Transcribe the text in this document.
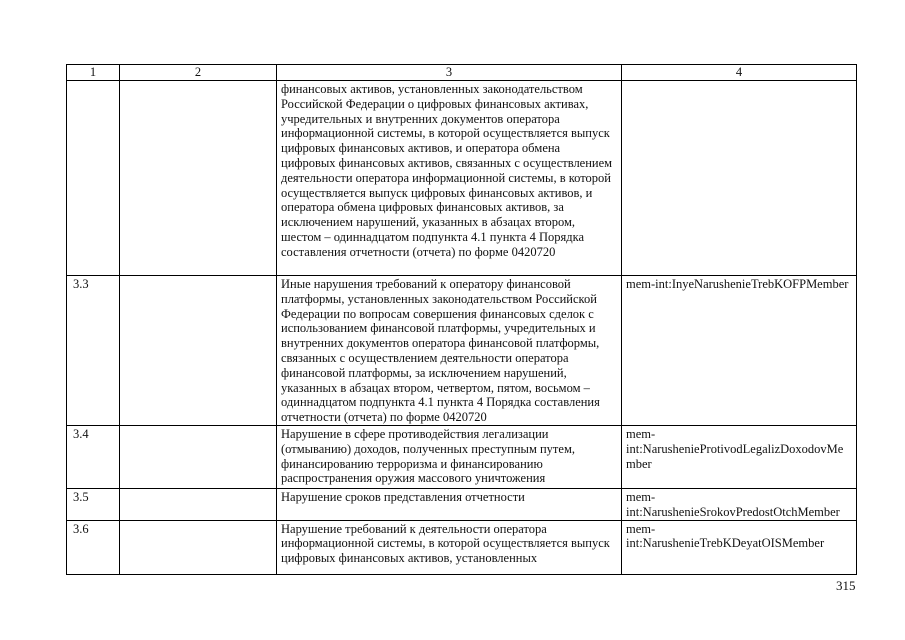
1	2	3	4
		финансовых активов, установленных законодательством Российской Федерации о цифровых финансовых активах, учредительных и внутренних документов оператора информационной системы, в которой осуществляется выпуск цифровых финансовых активов, и оператора обмена цифровых финансовых активов, связанных с осуществлением деятельности оператора информационной системы, в которой осуществляется выпуск цифровых финансовых активов, и оператора обмена цифровых финансовых активов, за исключением нарушений, указанных в абзацах втором, шестом – одиннадцатом подпункта 4.1 пункта 4 Порядка составления отчетности (отчета) по форме 0420720	
3.3		Иные нарушения требований к оператору финансовой платформы, установленных законодательством Российской Федерации по вопросам совершения финансовых сделок с использованием финансовой платформы, учредительных и внутренних документов оператора финансовой платформы, связанных с осуществлением деятельности оператора финансовой платформы, за исключением нарушений, указанных в абзацах втором, четвертом, пятом, восьмом – одиннадцатом подпункта 4.1 пункта 4 Порядка составления отчетности (отчета) по форме 0420720	mem-int:InyeNarushenieTrebKOFPMember
3.4		Нарушение в сфере противодействия легализации (отмыванию) доходов, полученных преступным путем, финансированию терроризма и финансированию распространения оружия массового уничтожения	mem-int:NarushenieProtivodLegalizDoxodovMember
3.5		Нарушение сроков представления отчетности	mem-int:NarushenieSrokovPredostOtchMember
3.6		Нарушение требований к деятельности оператора информационной системы, в которой осуществляется выпуск цифровых финансовых активов, установленных	mem-int:NarushenieTrebKDeyatOISMember
315
